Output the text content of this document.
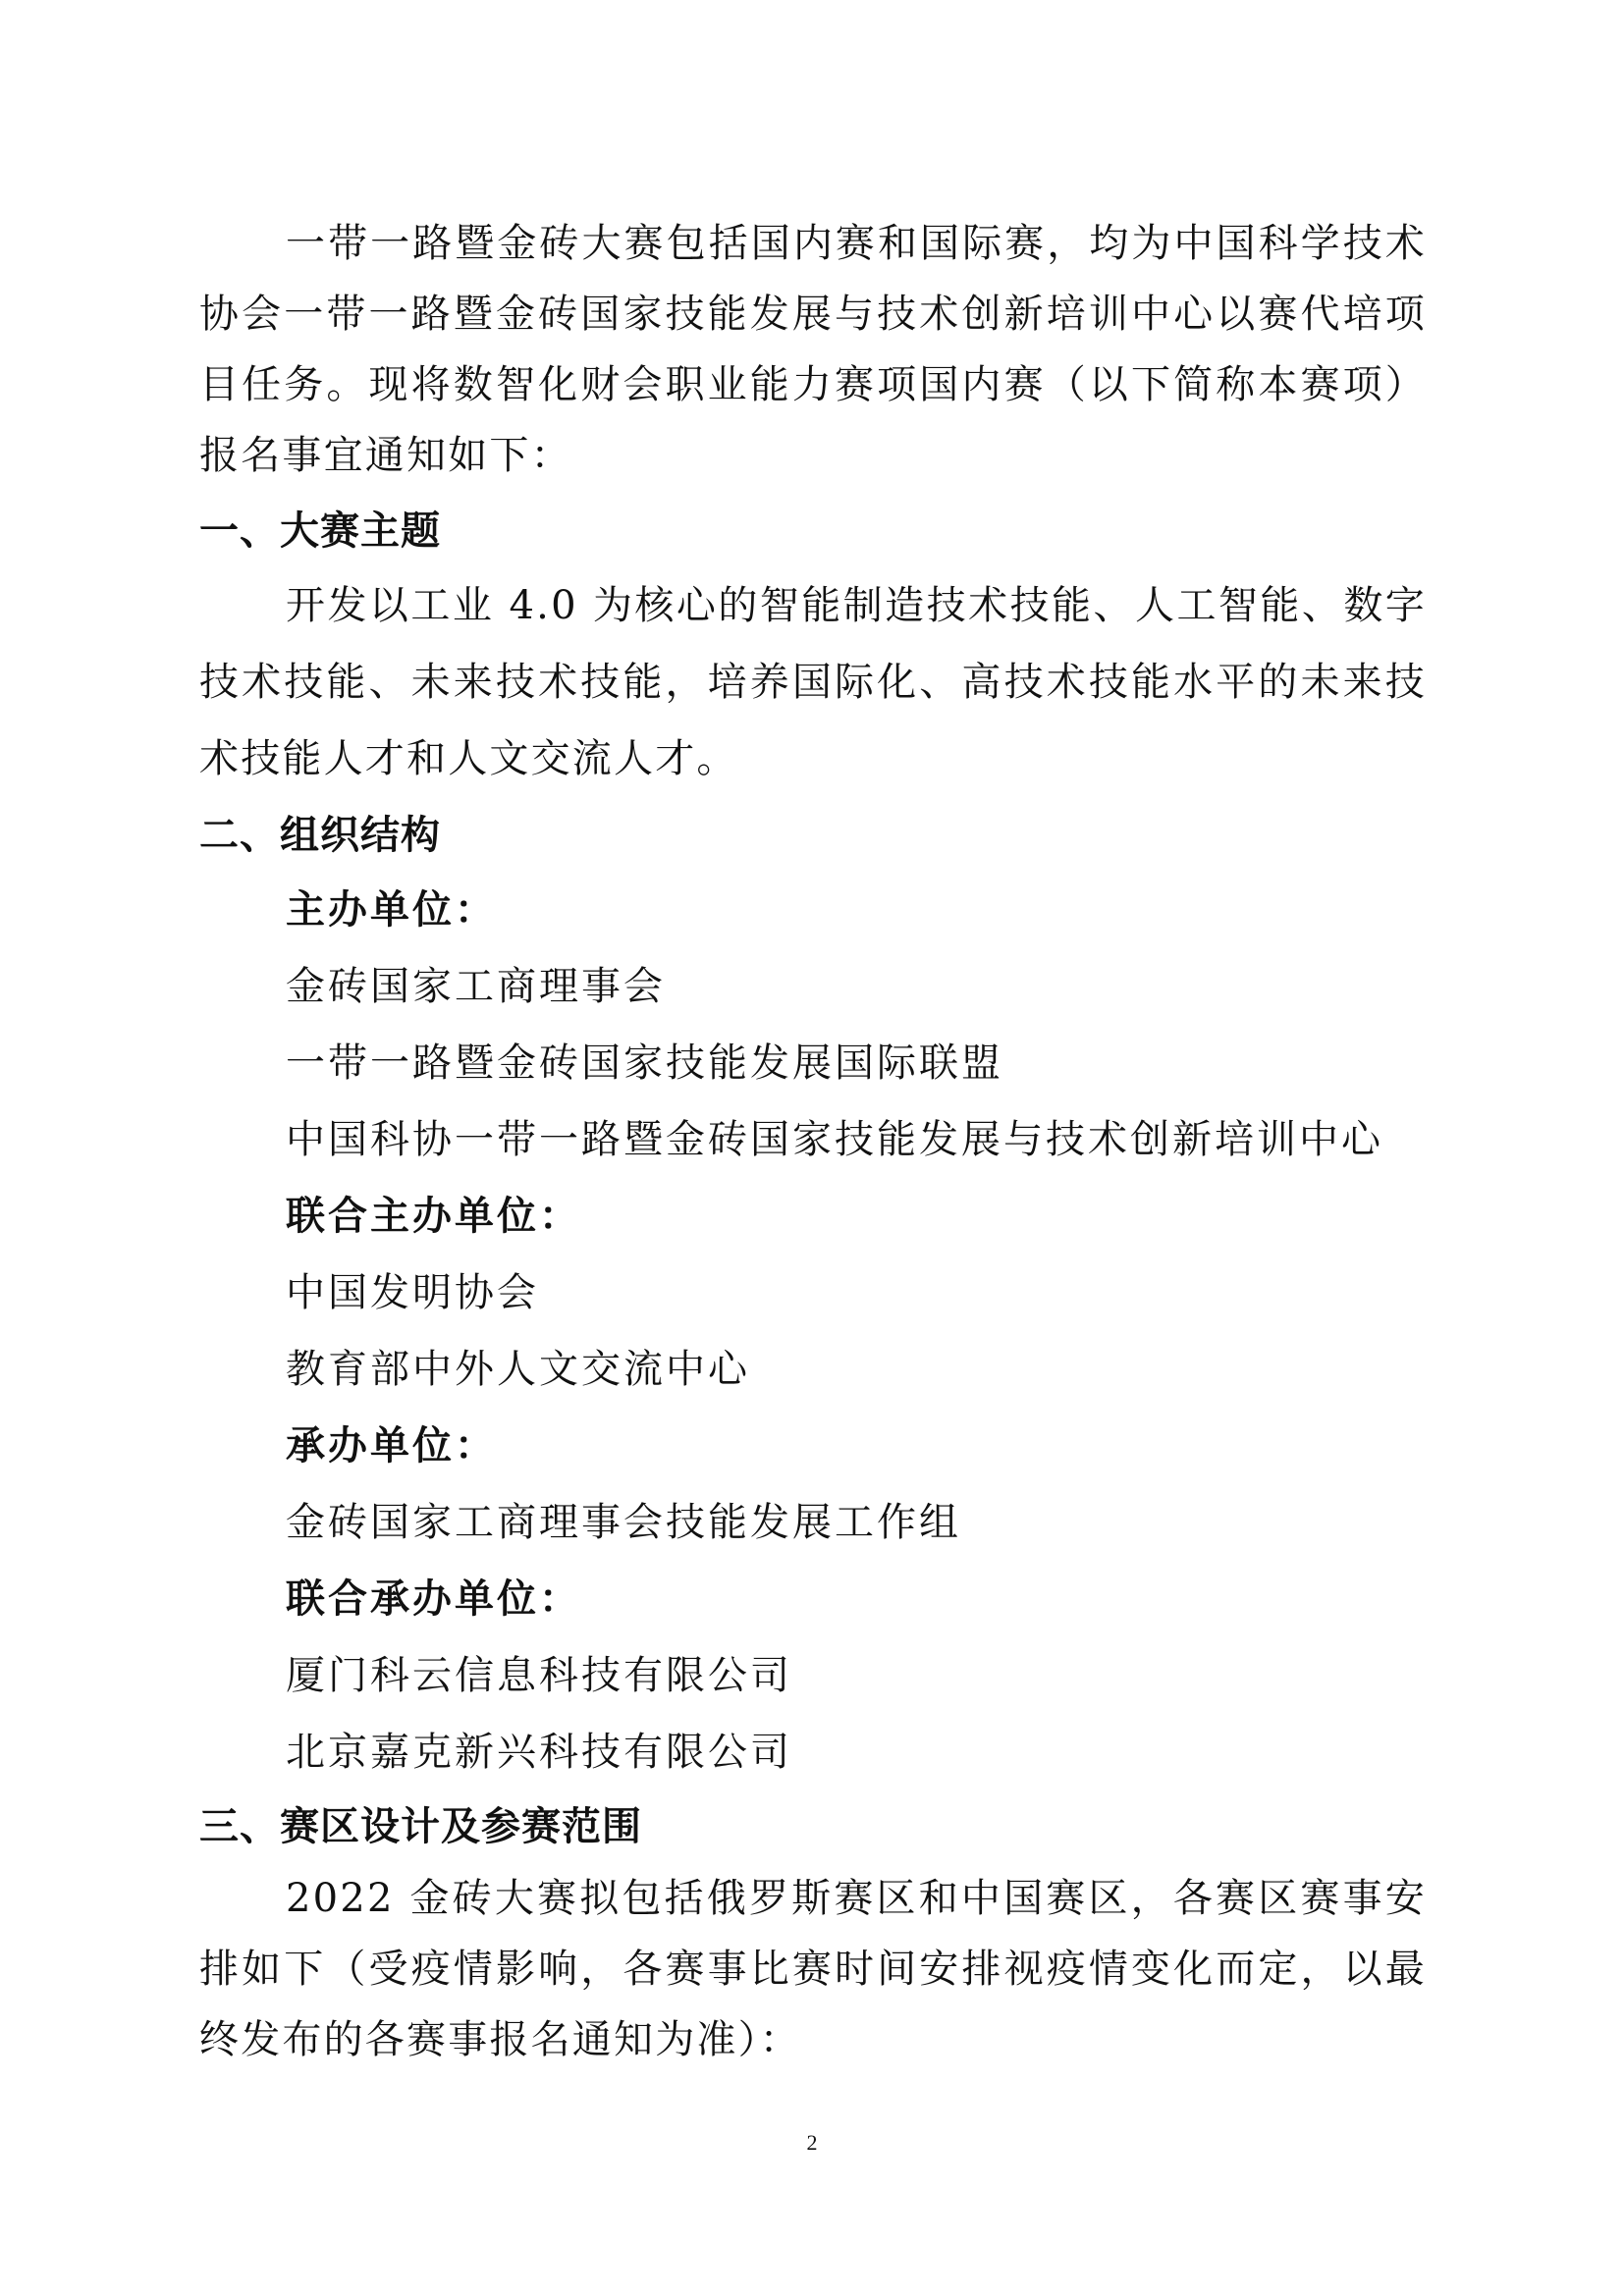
一带一路暨金砖大赛包括国内赛和国际赛，均为中国科学技术协会一带一路暨金砖国家技能发展与技术创新培训中心以赛代培项目任务。现将数智化财会职业能力赛项国内赛（以下简称本赛项）报名事宜通知如下：

一、大赛主题

开发以工业 4.0 为核心的智能制造技术技能、人工智能、数字技术技能、未来技术技能，培养国际化、高技术技能水平的未来技术技能人才和人文交流人才。

二、组织结构

主办单位：

金砖国家工商理事会

一带一路暨金砖国家技能发展国际联盟

中国科协一带一路暨金砖国家技能发展与技术创新培训中心

联合主办单位：

中国发明协会

教育部中外人文交流中心

承办单位：

金砖国家工商理事会技能发展工作组

联合承办单位：

厦门科云信息科技有限公司

北京嘉克新兴科技有限公司

三、赛区设计及参赛范围

2022 金砖大赛拟包括俄罗斯赛区和中国赛区，各赛区赛事安排如下（受疫情影响，各赛事比赛时间安排视疫情变化而定，以最终发布的各赛事报名通知为准）：

2
